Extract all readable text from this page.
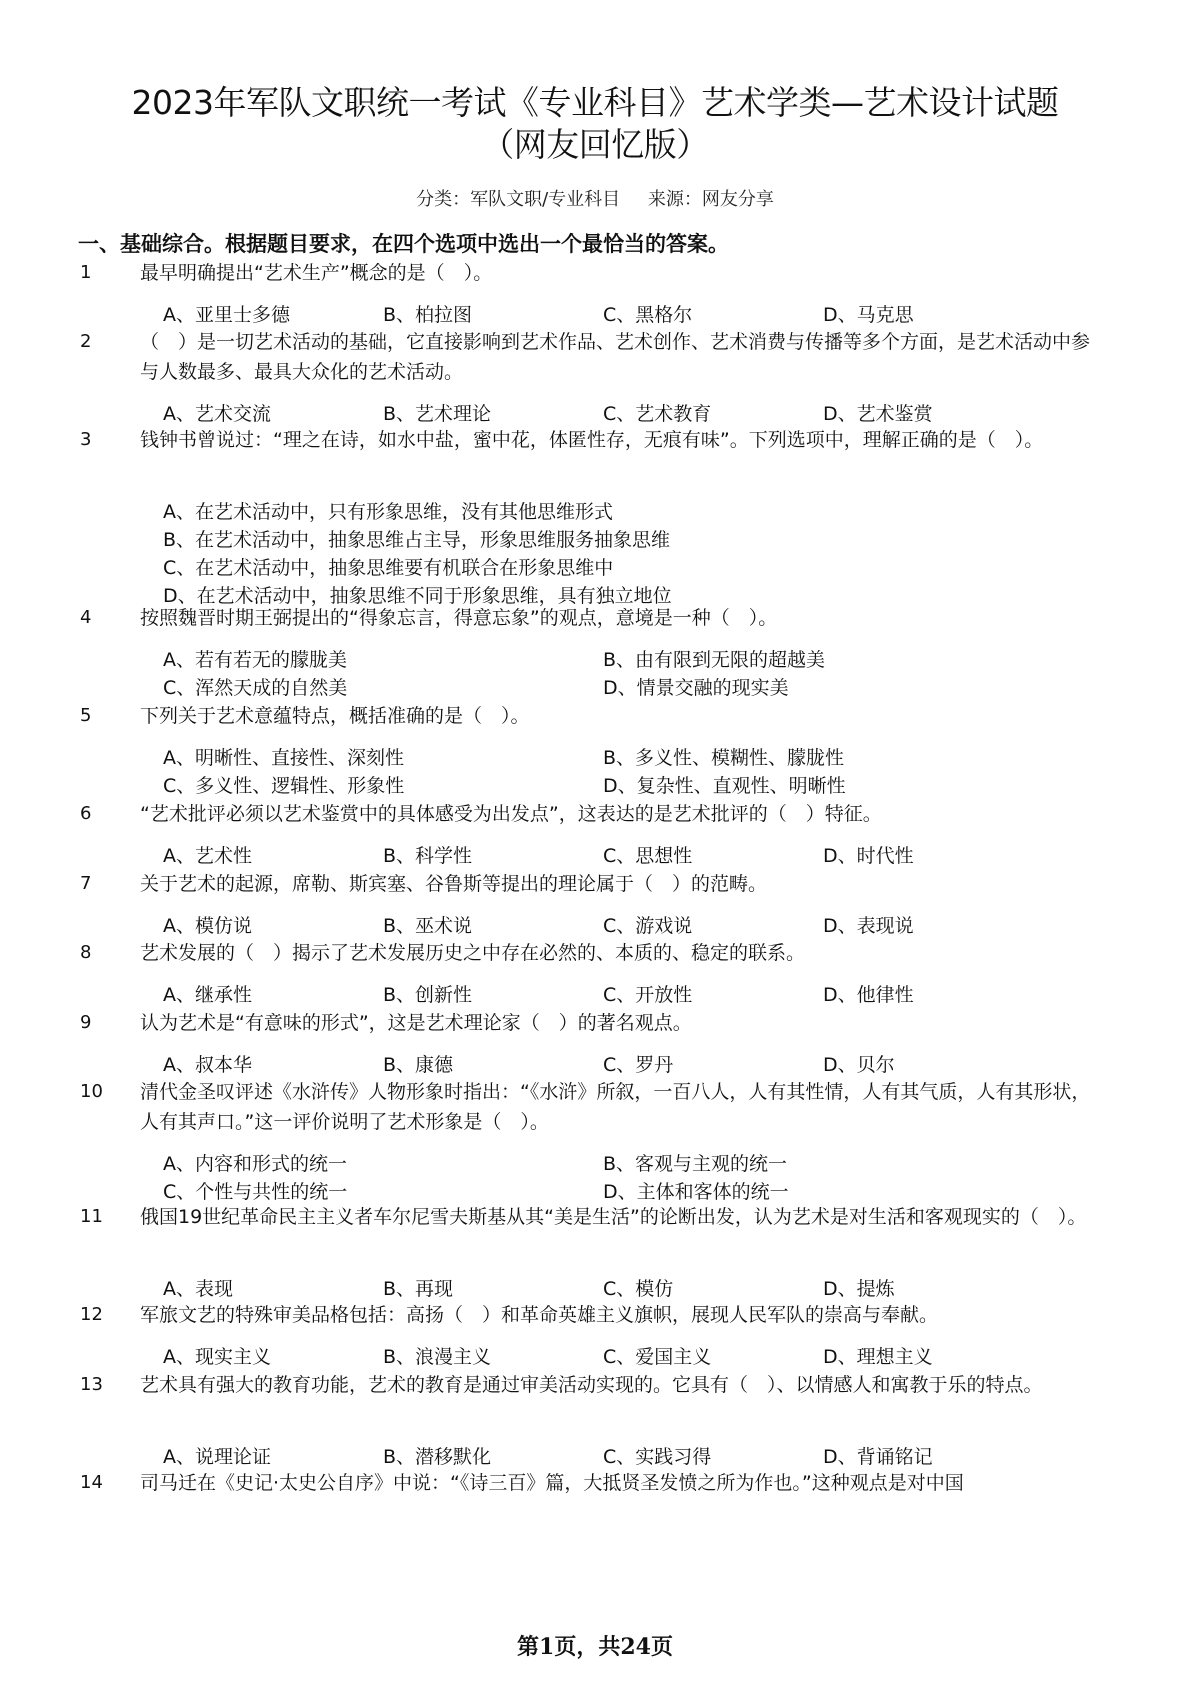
2023年军队文职统一考试《专业科目》艺术学类—艺术设计试题
（网友回忆版）
分类：军队文职/专业科目 来源：网友分享
一、基础综合。根据题目要求，在四个选项中选出一个最恰当的答案。
1	最早明确提出“艺术生产”概念的是（　）。
A、亚里士多德	B、柏拉图	C、黑格尔	D、马克思
2	（　）是一切艺术活动的基础，它直接影响到艺术作品、艺术创作、艺术消费与传播等多个方面，是艺术活动中参与人数最多、最具大众化的艺术活动。
A、艺术交流	B、艺术理论	C、艺术教育	D、艺术鉴赏
3	钱钟书曾说过：“理之在诗，如水中盐，蜜中花，体匿性存，无痕有味”。下列选项中，理解正确的是（　）。
A、在艺术活动中，只有形象思维，没有其他思维形式
B、在艺术活动中，抽象思维占主导，形象思维服务抽象思维
C、在艺术活动中，抽象思维要有机联合在形象思维中
D、在艺术活动中，抽象思维不同于形象思维，具有独立地位
4	按照魏晋时期王弼提出的“得象忘言，得意忘象”的观点，意境是一种（　）。
A、若有若无的朦胧美	B、由有限到无限的超越美
C、浑然天成的自然美	D、情景交融的现实美
5	下列关于艺术意蕴特点，概括准确的是（　）。
A、明晰性、直接性、深刻性	B、多义性、模糊性、朦胧性
C、多义性、逻辑性、形象性	D、复杂性、直观性、明晰性
6	“艺术批评必须以艺术鉴赏中的具体感受为出发点”，这表达的是艺术批评的（　）特征。
A、艺术性	B、科学性	C、思想性	D、时代性
7	关于艺术的起源，席勒、斯宾塞、谷鲁斯等提出的理论属于（　）的范畴。
A、模仿说	B、巫术说	C、游戏说	D、表现说
8	艺术发展的（　）揭示了艺术发展历史之中存在必然的、本质的、稳定的联系。
A、继承性	B、创新性	C、开放性	D、他律性
9	认为艺术是“有意味的形式”，这是艺术理论家（　）的著名观点。
A、叔本华	B、康德	C、罗丹	D、贝尔
10 清代金圣叹评述《水浒传》人物形象时指出：“《水浒》所叙，一百八人，人有其性情，人有其气质，人有其形状，人有其声口。”这一评价说明了艺术形象是（　）。
A、内容和形式的统一	B、客观与主观的统一
C、个性与共性的统一	D、主体和客体的统一
11 俄国19世纪革命民主主义者车尔尼雪夫斯基从其“美是生活”的论断出发，认为艺术是对生活和客观现实的（　）。
A、表现	B、再现	C、模仿	D、提炼
12 军旅文艺的特殊审美品格包括：高扬（　）和革命英雄主义旗帜，展现人民军队的崇高与奉献。
A、现实主义	B、浪漫主义	C、爱国主义	D、理想主义
13 艺术具有强大的教育功能，艺术的教育是通过审美活动实现的。它具有（　）、以情感人和寓教于乐的特点。
A、说理论证	B、潜移默化	C、实践习得	D、背诵铭记
14 司马迁在《史记·太史公自序》中说：“《诗三百》篇，大抵贤圣发愤之所为作也。”这种观点是对中国
第1页，共24页
